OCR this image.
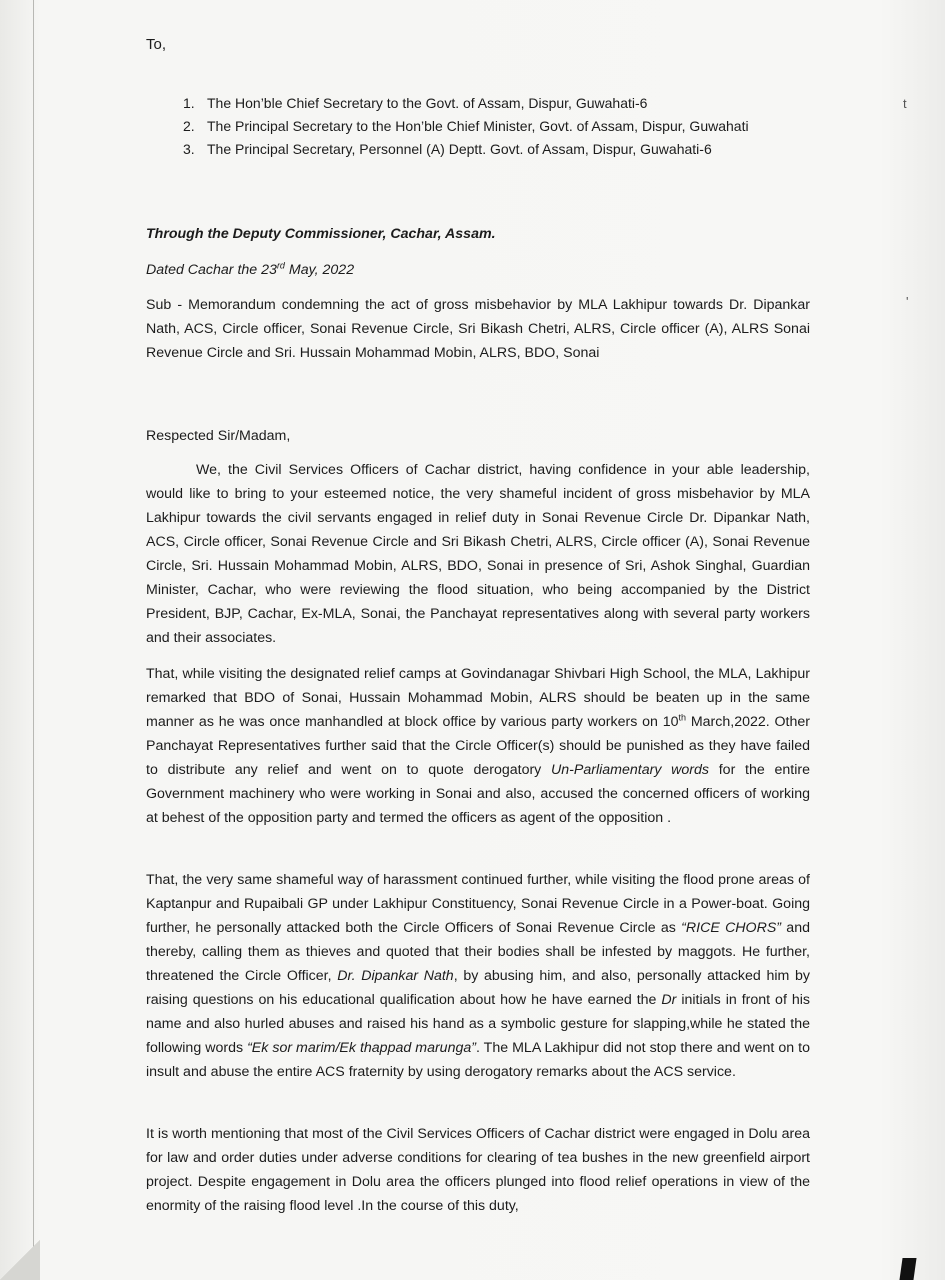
To,
1. The Hon’ble Chief Secretary to the Govt. of Assam, Dispur, Guwahati-6
2. The Principal Secretary to the Hon’ble Chief Minister, Govt. of Assam, Dispur, Guwahati
3. The Principal Secretary, Personnel (A) Deptt. Govt. of Assam, Dispur, Guwahati-6
Through the Deputy Commissioner, Cachar, Assam.
Dated Cachar the 23rd May, 2022
Sub - Memorandum condemning the act of gross misbehavior by MLA Lakhipur towards Dr. Dipankar Nath, ACS, Circle officer, Sonai Revenue Circle, Sri Bikash Chetri, ALRS, Circle officer (A), ALRS Sonai Revenue Circle and Sri. Hussain Mohammad Mobin, ALRS, BDO, Sonai
Respected Sir/Madam,
We, the Civil Services Officers of Cachar district, having confidence in your able leadership, would like to bring to your esteemed notice, the very shameful incident of gross misbehavior by MLA Lakhipur towards the civil servants engaged in relief duty in Sonai Revenue Circle Dr. Dipankar Nath, ACS, Circle officer, Sonai Revenue Circle and Sri Bikash Chetri, ALRS, Circle officer (A), Sonai Revenue Circle, Sri. Hussain Mohammad Mobin, ALRS, BDO, Sonai in presence of Sri, Ashok Singhal, Guardian Minister, Cachar, who were reviewing the flood situation, who being accompanied by the District President, BJP, Cachar, Ex-MLA, Sonai, the Panchayat representatives along with several party workers and their associates.
That, while visiting the designated relief camps at Govindanagar Shivbari High School, the MLA, Lakhipur remarked that BDO of Sonai, Hussain Mohammad Mobin, ALRS should be beaten up in the same manner as he was once manhandled at block office by various party workers on 10th March,2022. Other Panchayat Representatives further said that the Circle Officer(s) should be punished as they have failed to distribute any relief and went on to quote derogatory Un-Parliamentary words for the entire Government machinery who were working in Sonai and also, accused the concerned officers of working at behest of the opposition party and termed the officers as agent of the opposition .
That, the very same shameful way of harassment continued further, while visiting the flood prone areas of Kaptanpur and Rupaibali GP under Lakhipur Constituency, Sonai Revenue Circle in a Power-boat. Going further, he personally attacked both the Circle Officers of Sonai Revenue Circle as “RICE CHORS” and thereby, calling them as thieves and quoted that their bodies shall be infested by maggots. He further, threatened the Circle Officer, Dr. Dipankar Nath, by abusing him, and also, personally attacked him by raising questions on his educational qualification about how he have earned the Dr initials in front of his name and also hurled abuses and raised his hand as a symbolic gesture for slapping,while he stated the following words “Ek sor marim/Ek thappad marunga”. The MLA Lakhipur did not stop there and went on to insult and abuse the entire ACS fraternity by using derogatory remarks about the ACS service.
It is worth mentioning that most of the Civil Services Officers of Cachar district were engaged in Dolu area for law and order duties under adverse conditions for clearing of tea bushes in the new greenfield airport project. Despite engagement in Dolu area the officers plunged into flood relief operations in view of the enormity of the raising flood level .In the course of this duty,
t
'
